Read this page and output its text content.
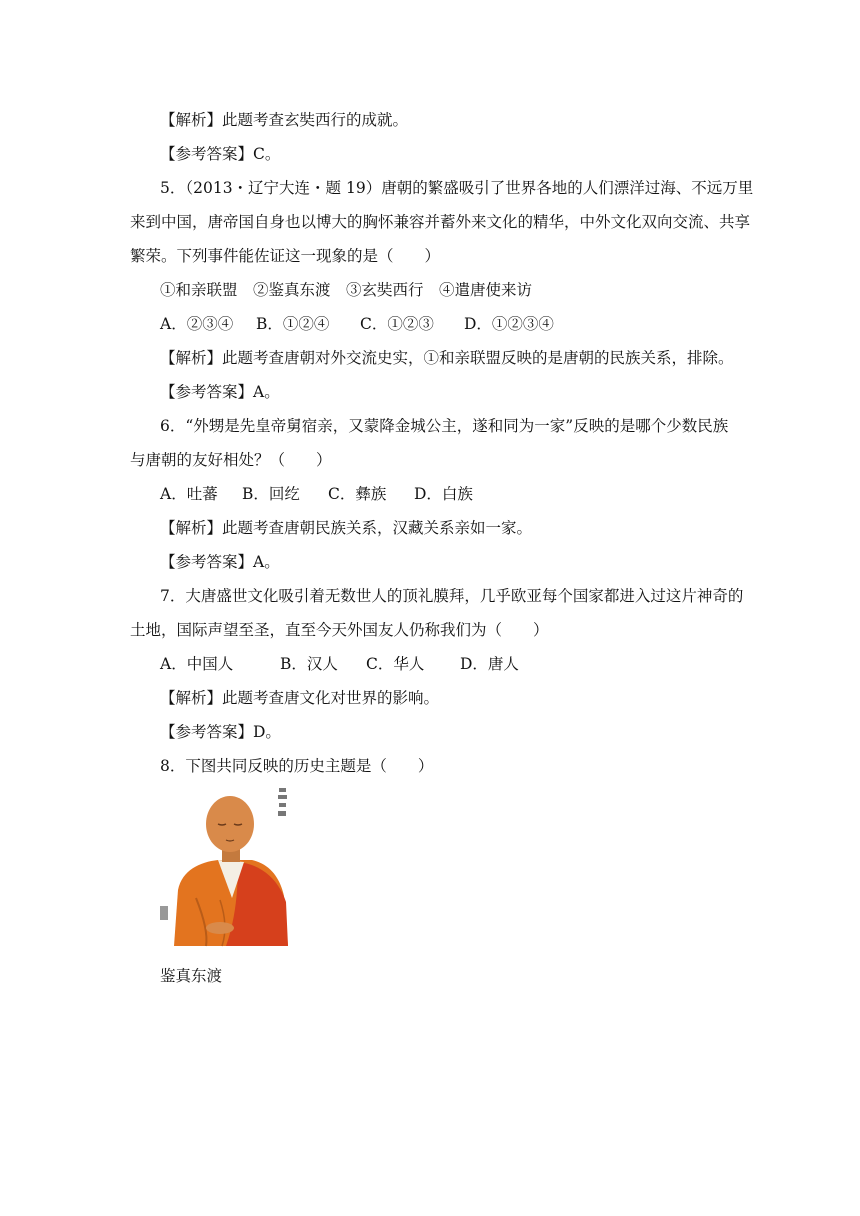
【解析】此题考查玄奘西行的成就。
【参考答案】C。
5．（2013・辽宁大连・题 19）唐朝的繁盛吸引了世界各地的人们漂洋过海、不远万里
来到中国，唐帝国自身也以博大的胸怀兼容并蓄外来文化的精华，中外文化双向交流、共享
繁荣。下列事件能佐证这一现象的是（　　）
①和亲联盟　②鉴真东渡　③玄奘西行　④遣唐使来访
A．②③④ B．①②④ C．①②③ D．①②③④
【解析】此题考查唐朝对外交流史实，①和亲联盟反映的是唐朝的民族关系，排除。
【参考答案】A。
6．“外甥是先皇帝舅宿亲，又蒙降金城公主，遂和同为一家”反映的是哪个少数民族
与唐朝的友好相处？（　　）
A．吐蕃 B．回纥 C．彝族 D．白族
【解析】此题考查唐朝民族关系，汉藏关系亲如一家。
【参考答案】A。
7．大唐盛世文化吸引着无数世人的顶礼膜拜，几乎欧亚每个国家都进入过这片神奇的
土地，国际声望至圣，直至今天外国友人仍称我们为（　　）
A．中国人	B．汉人 C．华人 D．唐人
【解析】此题考查唐文化对世界的影响。
【参考答案】D。
8．下图共同反映的历史主题是（　　）
鉴真东渡
